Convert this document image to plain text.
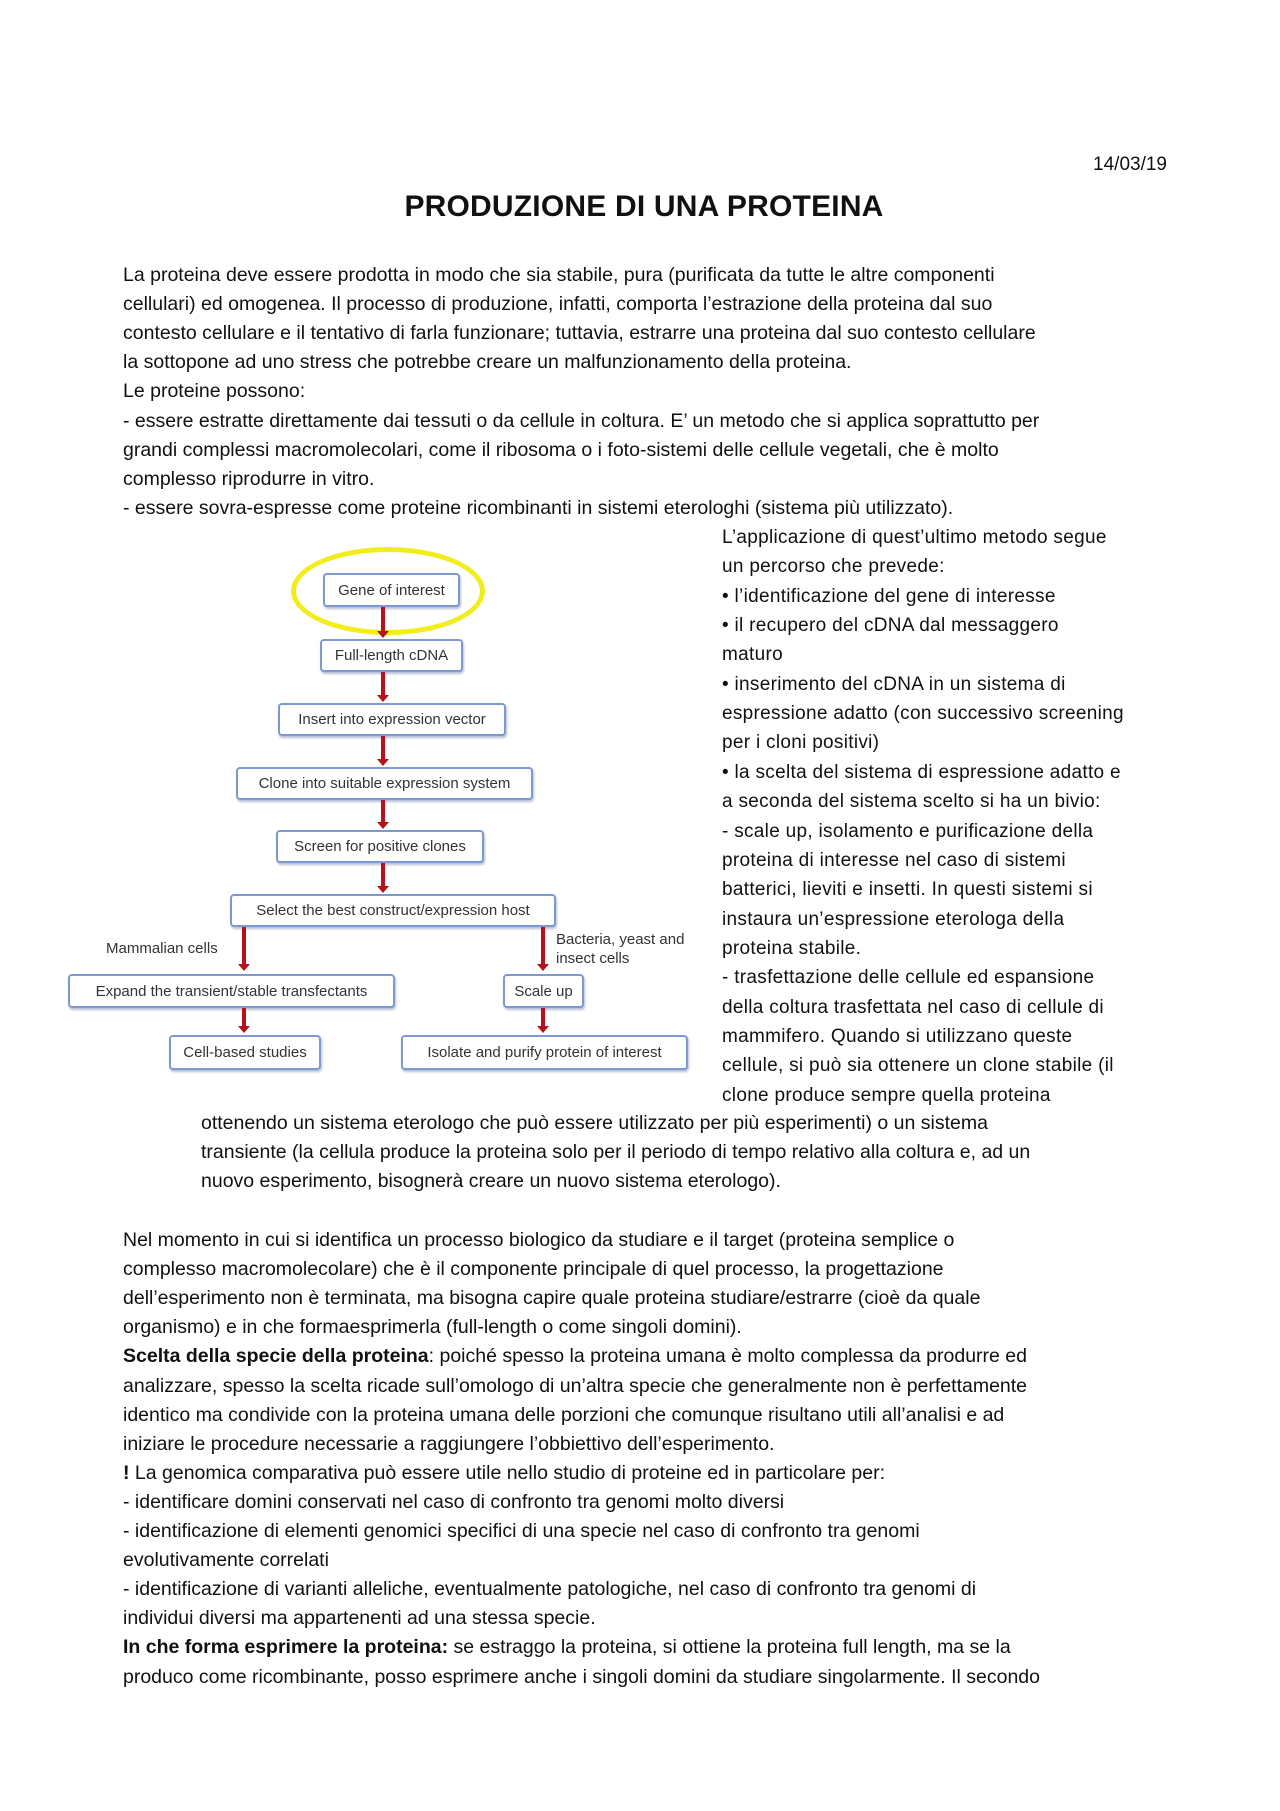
14/03/19
PRODUZIONE DI UNA PROTEINA
La proteina deve essere prodotta in modo che sia stabile, pura (purificata da tutte le altre componenti
cellulari) ed omogenea. Il processo di produzione, infatti, comporta l’estrazione della proteina dal suo
contesto cellulare e il tentativo di farla funzionare; tuttavia, estrarre una proteina dal suo contesto cellulare
la sottopone ad uno stress che potrebbe creare un malfunzionamento della proteina.
Le proteine possono:
- essere estratte direttamente dai tessuti o da cellule in coltura. E’ un metodo che si applica soprattutto per
grandi complessi macromolecolari, come il ribosoma o i foto-sistemi delle cellule vegetali, che è molto
complesso riprodurre in vitro.
- essere sovra-espresse come proteine ricombinanti in sistemi eterologhi (sistema più utilizzato).
L’applicazione di quest’ultimo metodo segue
un percorso che prevede:
• l’identificazione del gene di interesse
• il recupero del cDNA dal messaggero
maturo
• inserimento del cDNA in un sistema di
espressione adatto (con successivo screening
per i cloni positivi)
• la scelta del sistema di espressione adatto e
a seconda del sistema scelto si ha un bivio:
- scale up, isolamento e purificazione della
proteina di interesse nel caso di sistemi
batterici, lieviti e insetti. In questi sistemi si
instaura un’espressione eterologa della
proteina stabile.
- trasfettazione delle cellule ed espansione
della coltura trasfettata nel caso di cellule di
mammifero. Quando si utilizzano queste
cellule, si può sia ottenere un clone stabile (il
clone produce sempre quella proteina
ottenendo un sistema eterologo che può essere utilizzato per più esperimenti) o un sistema
transiente (la cellula produce la proteina solo per il periodo di tempo relativo alla coltura e, ad un
nuovo esperimento, bisognerà creare un nuovo sistema eterologo).
Nel momento in cui si identifica un processo biologico da studiare e il target (proteina semplice o
complesso macromolecolare) che è il componente principale di quel processo, la progettazione
dell’esperimento non è terminata, ma bisogna capire quale proteina studiare/estrarre (cioè da quale
organismo) e in che formaesprimerla (full-length o come singoli domini).
Scelta della specie della proteina: poiché spesso la proteina umana è molto complessa da produrre ed
analizzare, spesso la scelta ricade sull’omologo di un’altra specie che generalmente non è perfettamente
identico ma condivide con la proteina umana delle porzioni che comunque risultano utili all’analisi e ad
iniziare le procedure necessarie a raggiungere l’obbiettivo dell’esperimento.
! La genomica comparativa può essere utile nello studio di proteine ed in particolare per:
- identificare domini conservati nel caso di confronto tra genomi molto diversi
- identificazione di elementi genomici specifici di una specie nel caso di confronto tra genomi
evolutivamente correlati
- identificazione di varianti alleliche, eventualmente patologiche, nel caso di confronto tra genomi di
individui diversi ma appartenenti ad una stessa specie.
In che forma esprimere la proteina: se estraggo la proteina, si ottiene la proteina full length, ma se la
produco come ricombinante, posso esprimere anche i singoli domini da studiare singolarmente. Il secondo
Gene of interest
Full-length cDNA
Insert into expression vector
Clone into suitable expression system
Screen for positive clones
Select the best construct/expression host
Mammalian cells
Bacteria, yeast and
insect cells
Expand the transient/stable transfectants	Scale up
Cell-based studies	Isolate and purify protein of interest
